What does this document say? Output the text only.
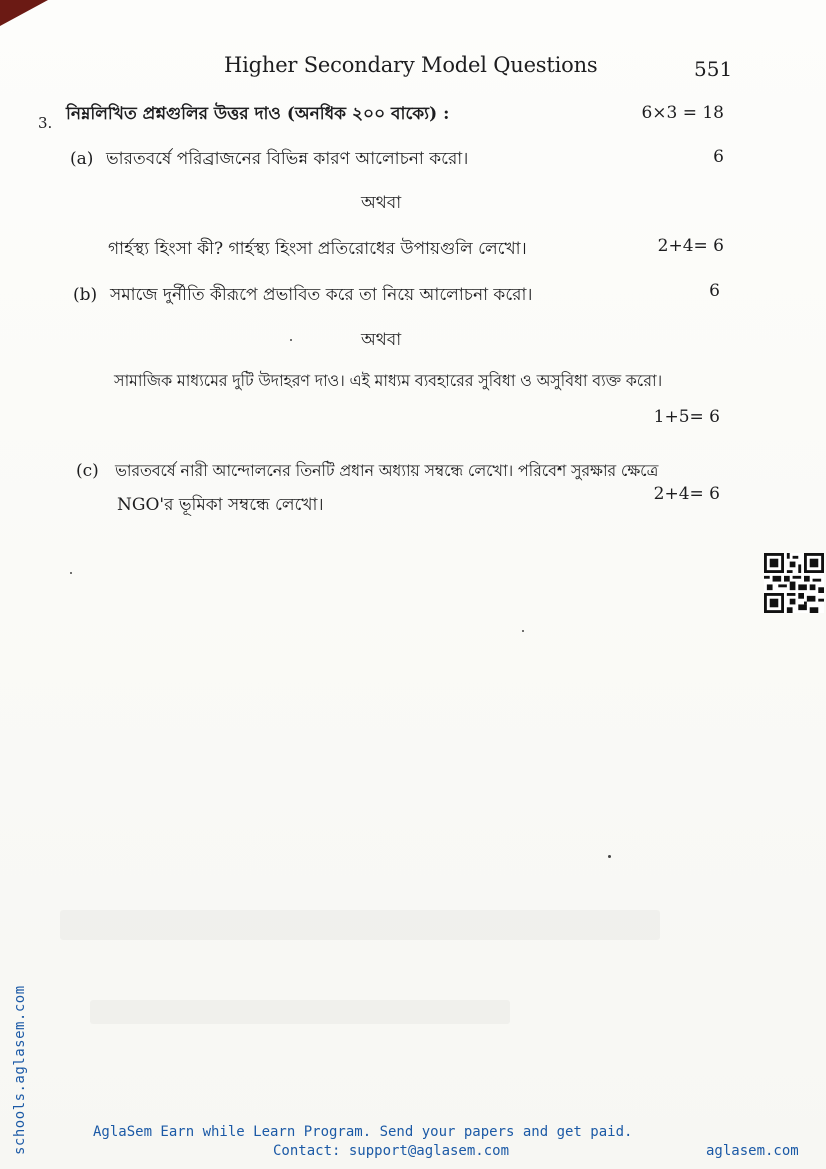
Higher Secondary Model Questions	551
3. নিম্নলিখিত প্রশ্নগুলির উত্তর দাও (অনধিক ২০০ বাক্যে) :	6×3 = 18
(a) ভারতবর্ষে পরিব্রাজনের বিভিন্ন কারণ আলোচনা করো।	6
অথবা
গার্হস্থ্য হিংসা কী? গার্হস্থ্য হিংসা প্রতিরোধের উপায়গুলি লেখো।	2+4= 6
(b) সমাজে দুর্নীতি কীরূপে প্রভাবিত করে তা নিয়ে আলোচনা করো।	6
অথবা
সামাজিক মাধ্যমের দুটি উদাহরণ দাও। এই মাধ্যম ব্যবহারের সুবিধা ও অসুবিধা ব্যক্ত করো।
1+5= 6
(c) ভারতবর্ষে নারী আন্দোলনের তিনটি প্রধান অধ্যায় সম্বন্ধে লেখো। পরিবেশ সুরক্ষার ক্ষেত্রে
NGO'র ভূমিকা সম্বন্ধে লেখো।
2+4= 6
schools.aglasem.com	AglaSem Earn while Learn Program. Send your papers and get paid.
Contact: support@aglasem.com	aglasem.com
